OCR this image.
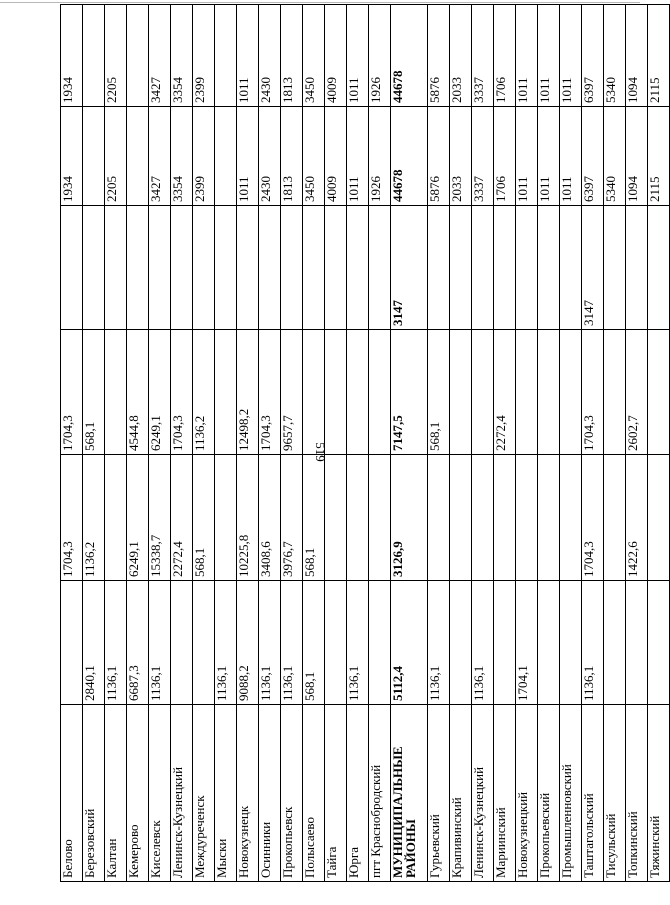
519
Белово		1704,3	1704,3		1934	1934
Березовский	2840,1	1136,2	568,1			
Калтан	1136,1				2205	2205
Кемерово	6687,3	6249,1	4544,8			
Киселевск	1136,1	15338,7	6249,1		3427	3427
Ленинск-Кузнецкий		2272,4	1704,3		3354	3354
Междуреченск		568,1	1136,2		2399	2399
Мыски	1136,1					
Новокузнецк	9088,2	10225,8	12498,2		1011	1011
Осинники	1136,1	3408,6	1704,3		2430	2430
Прокопьевск	1136,1	3976,7	9657,7		1813	1813
Полысаево	568,1	568,1			3450	3450
Тайга					4009	4009
Юрга	1136,1				1011	1011
пгт Краснобродский					1926	1926
МУНИЦИПАЛЬНЫЕ РАЙОНЫ	5112,4	3126,9	7147,5	3147	44678	44678
Гурьевский	1136,1		568,1		5876	5876
Крапивинский					2033	2033
Ленинск-Кузнецкий	1136,1				3337	3337
Мариинский			2272,4		1706	1706
Новокузнецкий	1704,1				1011	1011
Прокопьевский					1011	1011
Промышленновский					1011	1011
Таштагольский	1136,1	1704,3	1704,3	3147	6397	6397
Тисульский					5340	5340
Топкинский		1422,6	2602,7		1094	1094
Тяжинский					2115	2115
